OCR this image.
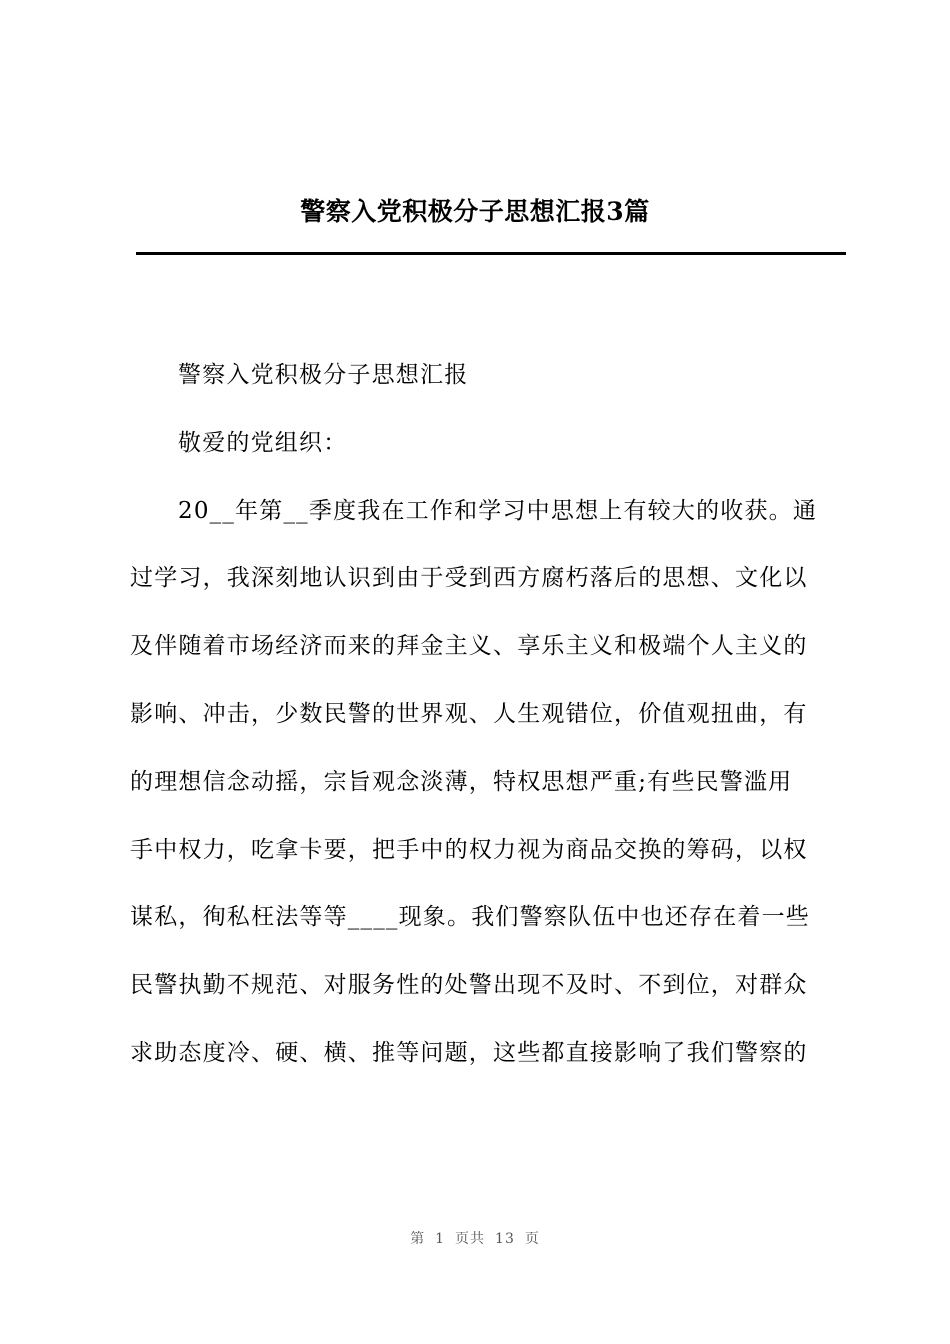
警察入党积极分子思想汇报3篇

警察入党积极分子思想汇报

敬爱的党组织：

20__年第__季度我在工作和学习中思想上有较大的收获。通
过学习，我深刻地认识到由于受到西方腐朽落后的思想、文化以
及伴随着市场经济而来的拜金主义、享乐主义和极端个人主义的
影响、冲击，少数民警的世界观、人生观错位，价值观扭曲，有
的理想信念动摇，宗旨观念淡薄，特权思想严重;有些民警滥用
手中权力，吃拿卡要，把手中的权力视为商品交换的筹码，以权
谋私，徇私枉法等等____现象。我们警察队伍中也还存在着一些
民警执勤不规范、对服务性的处警出现不及时、不到位，对群众
求助态度冷、硬、横、推等问题，这些都直接影响了我们警察的

第 1 页共 13 页
